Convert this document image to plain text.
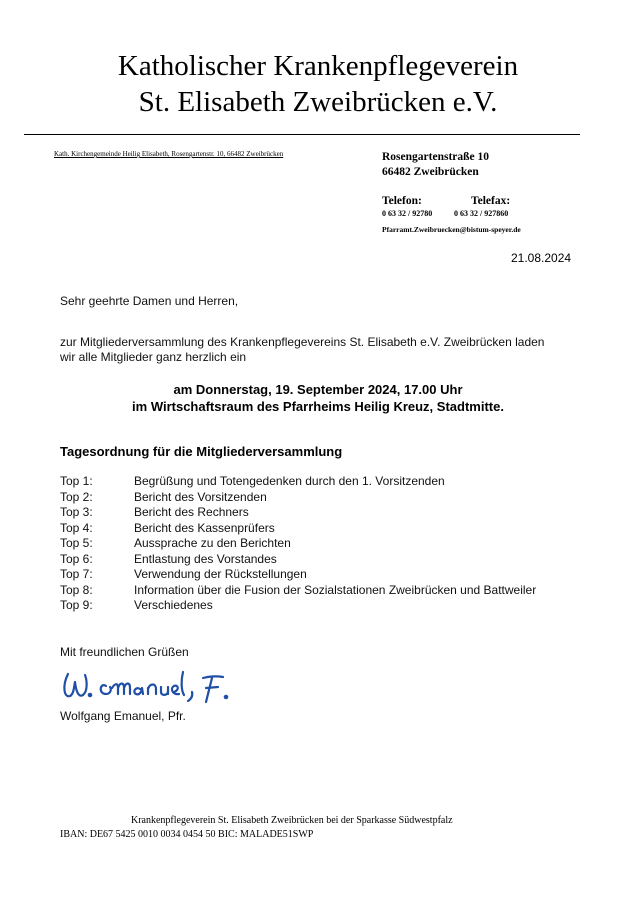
Katholischer Krankenpflegeverein
St. Elisabeth Zweibrücken e.V.
Kath. Kirchengemeinde Heilig Elisabeth, Rosengartenstr. 10, 66482 Zweibrücken	Rosengartenstraße 10
66482 Zweibrücken
Telefon:	Telefax:
0 63 32 / 92780	0 63 32 / 927860
Pfarramt.Zweibruecken@bistum-speyer.de
21.08.2024
Sehr geehrte Damen und Herren,
zur Mitgliederversammlung des Krankenpflegevereins St. Elisabeth e.V. Zweibrücken laden
wir alle Mitglieder ganz herzlich ein
am Donnerstag, 19. September 2024, 17.00 Uhr
im Wirtschaftsraum des Pfarrheims Heilig Kreuz, Stadtmitte.
Tagesordnung für die Mitgliederversammlung
Top 1:	Begrüßung und Totengedenken durch den 1. Vorsitzenden
Top 2:	Bericht des Vorsitzenden
Top 3:	Bericht des Rechners
Top 4:	Bericht des Kassenprüfers
Top 5:	Aussprache zu den Berichten
Top 6:	Entlastung des Vorstandes
Top 7:	Verwendung der Rückstellungen
Top 8:	Information über die Fusion der Sozialstationen Zweibrücken und Battweiler
Top 9:	Verschiedenes
Mit freundlichen Grüßen
Wolfgang Emanuel, Pfr.
Krankenpflegeverein St. Elisabeth Zweibrücken bei der Sparkasse Südwestpfalz
IBAN: DE67 5425 0010 0034 0454 50 BIC: MALADE51SWP
